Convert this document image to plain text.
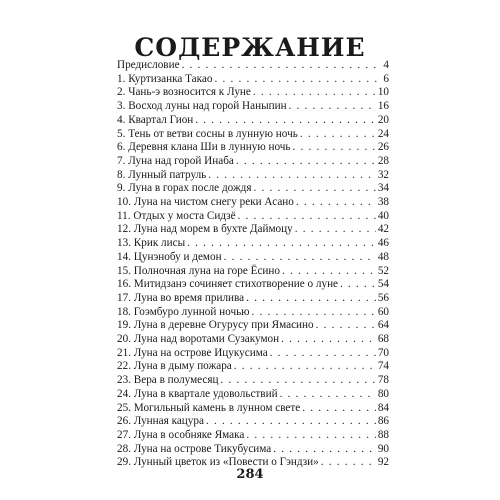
СОДЕРЖАНИЕ
Предисловие . . .	4
1. Куртизанка Такао . . .	6
2. Чань-э возносится к Луне . . .	10
3. Восход луны над горой Нанып​ин . . .	16
4. Квартал Гион . . .	20
5. Тень от ветви сосны в лунную ночь . . .	24
6. Деревня клана Ши в лунную ночь . . .	26
7. Луна над горой Инаба . . .	28
8. Лунный патруль . . .	32
9. Луна в горах после дождя . . .	34
10. Луна на чистом снегу реки Асано . . .	38
11. Отдых у моста Сидзё . . .	40
12. Луна над морем в бухте Даймоцу . . .	42
13. Крик лисы . . .	46
14. Цунэнобу и демон . . .	48
15. Полночная луна на горе Ёсино . . .	52
16. Митидзанэ сочиняет стихотворение о луне . . .	54
17. Луна во время прилива . . .	56
18. Гоэмбуро лунной ночью . . .	60
19. Луна в деревне Огурусу при Ямасино . . .	64
20. Луна над воротами Сузакумон . . .	68
21. Луна на острове Ицукусима . . .	70
22. Луна в дыму пожара . . .	74
23. Вера в полумесяц . . .	78
24. Луна в квартале удовольствий . . .	80
25. Могильный камень в лунном свете . . .	84
26. Лунная кацура . . .	86
27. Луна в особняке Ямака . . .	88
28. Луна на острове Тикубусима . . .	90
29. Лунный цветок из «Повести о Гэндзи» . . .	92
284
